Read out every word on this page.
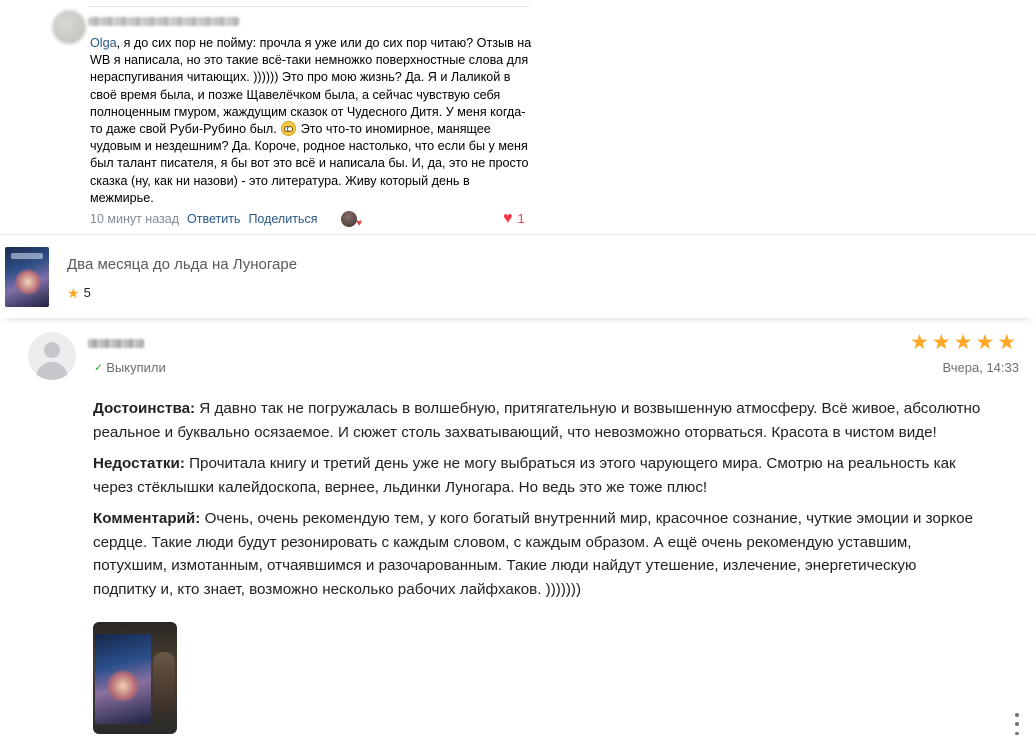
Olga, я до сих пор не пойму: прочла я уже или до сих пор читаю? Отзыв на WB я написала, но это такие всё-таки немножко поверхностные слова для нераспугивания читающих. )))))) Это про мою жизнь? Да. Я и Лаликой в своё время была, и позже Щавелёчком была, а сейчас чувствую себя полноценным гмуром, жаждущим сказок от Чудесного Дитя. У меня когда-то даже свой Руби-Рубино был.  Это что-то иномирное, манящее чудовым и нездешним? Да. Короче, родное настолько, что если бы у меня был талант писателя, я бы вот это всё и написала бы. И, да, это не просто сказка (ну, как ни назови) - это литература. Живу который день в межмирье.
10 минут назад Ответить Поделиться	♥	♥ 1
Два месяца до льда на Луногаре
★ 5
✓ Выкупили
★ ★ ★ ★ ★
Вчера, 14:33

Достоинства: Я давно так не погружалась в волшебную, притягательную и возвышенную атмосферу. Всё живое, абсолютно реальное и буквально осязаемое. И сюжет столь захватывающий, что невозможно оторваться. Красота в чистом виде!

Недостатки: Прочитала книгу и третий день уже не могу выбраться из этого чарующего мира. Смотрю на реальность как через стёклышки калейдоскопа, вернее, льдинки Луногара. Но ведь это же тоже плюс!

Комментарий: Очень, очень рекомендую тем, у кого богатый внутренний мир, красочное сознание, чуткие эмоции и зоркое сердце. Такие люди будут резонировать с каждым словом, с каждым образом. А ещё очень рекомендую уставшим, потухшим, измотанным, отчаявшимся и разочарованным. Такие люди найдут утешение, излечение, энергетическую подпитку и, кто знает, возможно несколько рабочих лайфхаков. )))))))
